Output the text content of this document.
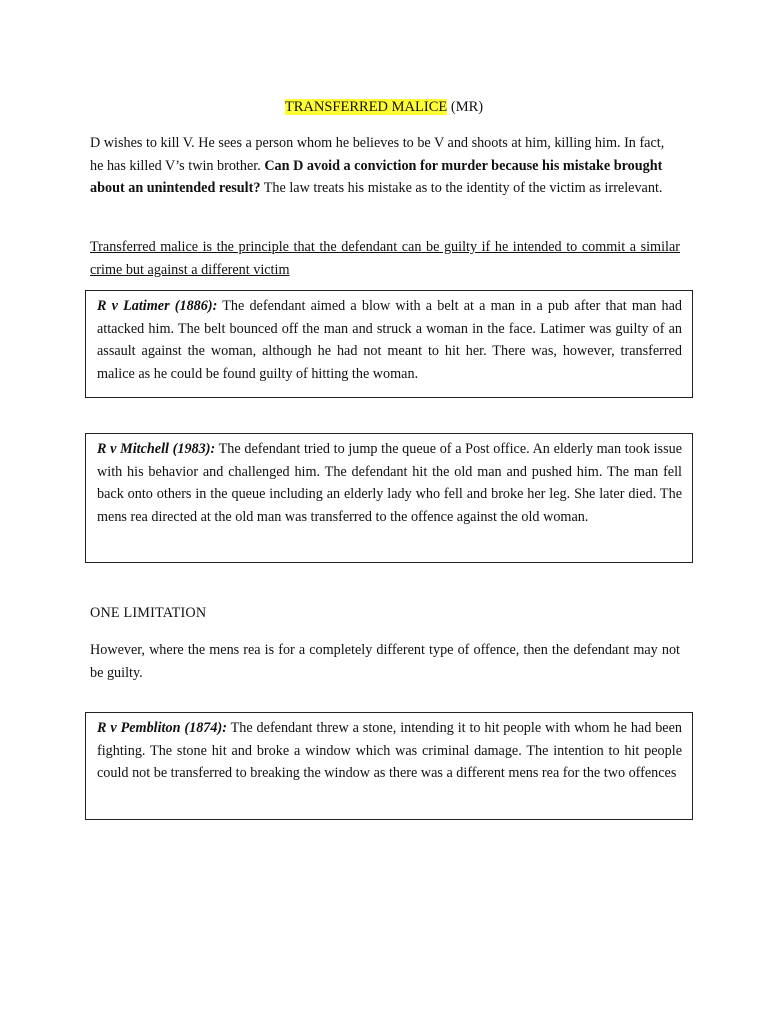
TRANSFERRED MALICE (MR)
D wishes to kill V. He sees a person whom he believes to be V and shoots at him, killing him. In fact, he has killed V’s twin brother. Can D avoid a conviction for murder because his mistake brought about an unintended result? The law treats his mistake as to the identity of the victim as irrelevant.
Transferred malice is the principle that the defendant can be guilty if he intended to commit a similar crime but against a different victim
R v Latimer (1886): The defendant aimed a blow with a belt at a man in a pub after that man had attacked him. The belt bounced off the man and struck a woman in the face. Latimer was guilty of an assault against the woman, although he had not meant to hit her. There was, however, transferred malice as he could be found guilty of hitting the woman.
R v Mitchell (1983): The defendant tried to jump the queue of a Post office. An elderly man took issue with his behavior and challenged him. The defendant hit the old man and pushed him. The man fell back onto others in the queue including an elderly lady who fell and broke her leg. She later died. The mens rea directed at the old man was transferred to the offence against the old woman.
ONE LIMITATION
However, where the mens rea is for a completely different type of offence, then the defendant may not be guilty.
R v Pembliton (1874): The defendant threw a stone, intending it to hit people with whom he had been fighting. The stone hit and broke a window which was criminal damage. The intention to hit people could not be transferred to breaking the window as there was a different mens rea for the two offences
